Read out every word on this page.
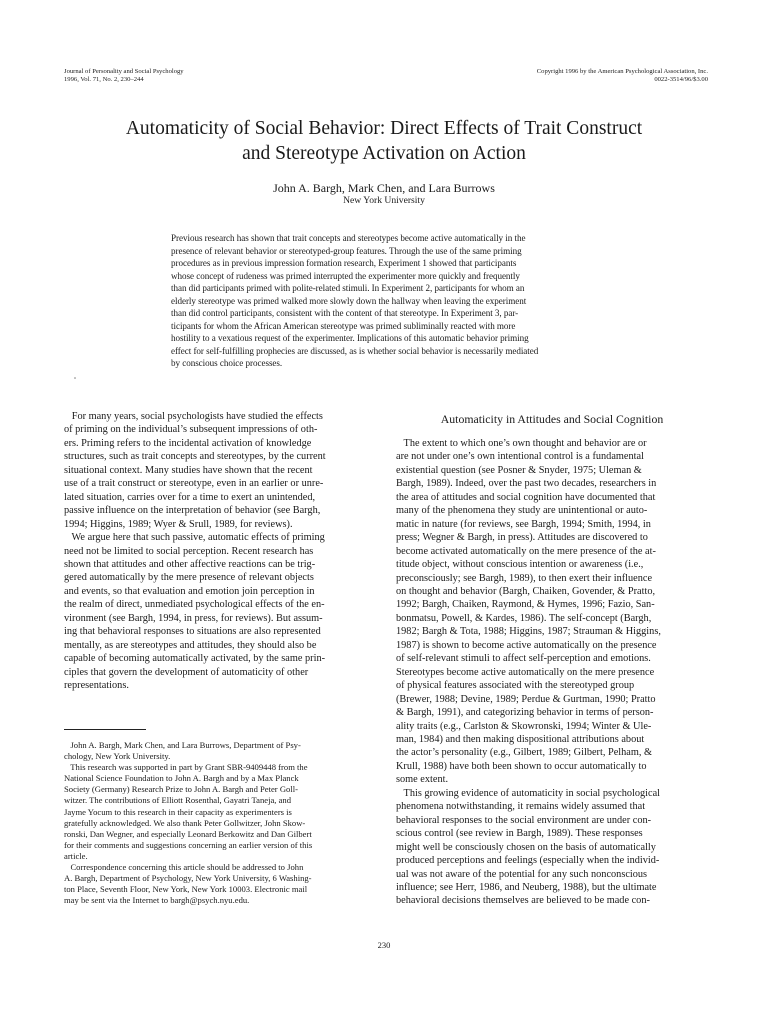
Journal of Personality and Social Psychology
1996, Vol. 71, No. 2, 230–244
Copyright 1996 by the American Psychological Association, Inc.
0022-3514/96/$3.00
Automaticity of Social Behavior: Direct Effects of Trait Construct
and Stereotype Activation on Action
John A. Bargh, Mark Chen, and Lara Burrows
New York University
Previous research has shown that trait concepts and stereotypes become active automatically in the
presence of relevant behavior or stereotyped-group features. Through the use of the same priming
procedures as in previous impression formation research, Experiment 1 showed that participants
whose concept of rudeness was primed interrupted the experimenter more quickly and frequently
than did participants primed with polite-related stimuli. In Experiment 2, participants for whom an
elderly stereotype was primed walked more slowly down the hallway when leaving the experiment
than did control participants, consistent with the content of that stereotype. In Experiment 3, par-
ticipants for whom the African American stereotype was primed subliminally reacted with more
hostility to a vexatious request of the experimenter. Implications of this automatic behavior priming
effect for self-fulfilling prophecies are discussed, as is whether social behavior is necessarily mediated
by conscious choice processes.
For many years, social psychologists have studied the effects
of priming on the individual’s subsequent impressions of oth-
ers. Priming refers to the incidental activation of knowledge
structures, such as trait concepts and stereotypes, by the current
situational context. Many studies have shown that the recent
use of a trait construct or stereotype, even in an earlier or unre-
lated situation, carries over for a time to exert an unintended,
passive influence on the interpretation of behavior (see Bargh,
1994; Higgins, 1989; Wyer & Srull, 1989, for reviews).
We argue here that such passive, automatic effects of priming
need not be limited to social perception. Recent research has
shown that attitudes and other affective reactions can be trig-
gered automatically by the mere presence of relevant objects
and events, so that evaluation and emotion join perception in
the realm of direct, unmediated psychological effects of the en-
vironment (see Bargh, 1994, in press, for reviews). But assum-
ing that behavioral responses to situations are also represented
mentally, as are stereotypes and attitudes, they should also be
capable of becoming automatically activated, by the same prin-
ciples that govern the development of automaticity of other
representations.
John A. Bargh, Mark Chen, and Lara Burrows, Department of Psy-
chology, New York University.
This research was supported in part by Grant SBR-9409448 from the
National Science Foundation to John A. Bargh and by a Max Planck
Society (Germany) Research Prize to John A. Bargh and Peter Goll-
witzer. The contributions of Elliott Rosenthal, Gayatri Taneja, and
Jayme Yocum to this research in their capacity as experimenters is
gratefully acknowledged. We also thank Peter Gollwitzer, John Skow-
ronski, Dan Wegner, and especially Leonard Berkowitz and Dan Gilbert
for their comments and suggestions concerning an earlier version of this
article.
Correspondence concerning this article should be addressed to John
A. Bargh, Department of Psychology, New York University, 6 Washing-
ton Place, Seventh Floor, New York, New York 10003. Electronic mail
may be sent via the Internet to bargh@psych.nyu.edu.
Automaticity in Attitudes and Social Cognition
The extent to which one’s own thought and behavior are or
are not under one’s own intentional control is a fundamental
existential question (see Posner & Snyder, 1975; Uleman &
Bargh, 1989). Indeed, over the past two decades, researchers in
the area of attitudes and social cognition have documented that
many of the phenomena they study are unintentional or auto-
matic in nature (for reviews, see Bargh, 1994; Smith, 1994, in
press; Wegner & Bargh, in press). Attitudes are discovered to
become activated automatically on the mere presence of the at-
titude object, without conscious intention or awareness (i.e.,
preconsciously; see Bargh, 1989), to then exert their influence
on thought and behavior (Bargh, Chaiken, Govender, & Pratto,
1992; Bargh, Chaiken, Raymond, & Hymes, 1996; Fazio, San-
bonmatsu, Powell, & Kardes, 1986). The self-concept (Bargh,
1982; Bargh & Tota, 1988; Higgins, 1987; Strauman & Higgins,
1987) is shown to become active automatically on the presence
of self-relevant stimuli to affect self-perception and emotions.
Stereotypes become active automatically on the mere presence
of physical features associated with the stereotyped group
(Brewer, 1988; Devine, 1989; Perdue & Gurtman, 1990; Pratto
& Bargh, 1991), and categorizing behavior in terms of person-
ality traits (e.g., Carlston & Skowronski, 1994; Winter & Ule-
man, 1984) and then making dispositional attributions about
the actor’s personality (e.g., Gilbert, 1989; Gilbert, Pelham, &
Krull, 1988) have both been shown to occur automatically to
some extent.
This growing evidence of automaticity in social psychological
phenomena notwithstanding, it remains widely assumed that
behavioral responses to the social environment are under con-
scious control (see review in Bargh, 1989). These responses
might well be consciously chosen on the basis of automatically
produced perceptions and feelings (especially when the individ-
ual was not aware of the potential for any such nonconscious
influence; see Herr, 1986, and Neuberg, 1988), but the ultimate
behavioral decisions themselves are believed to be made con-
230
